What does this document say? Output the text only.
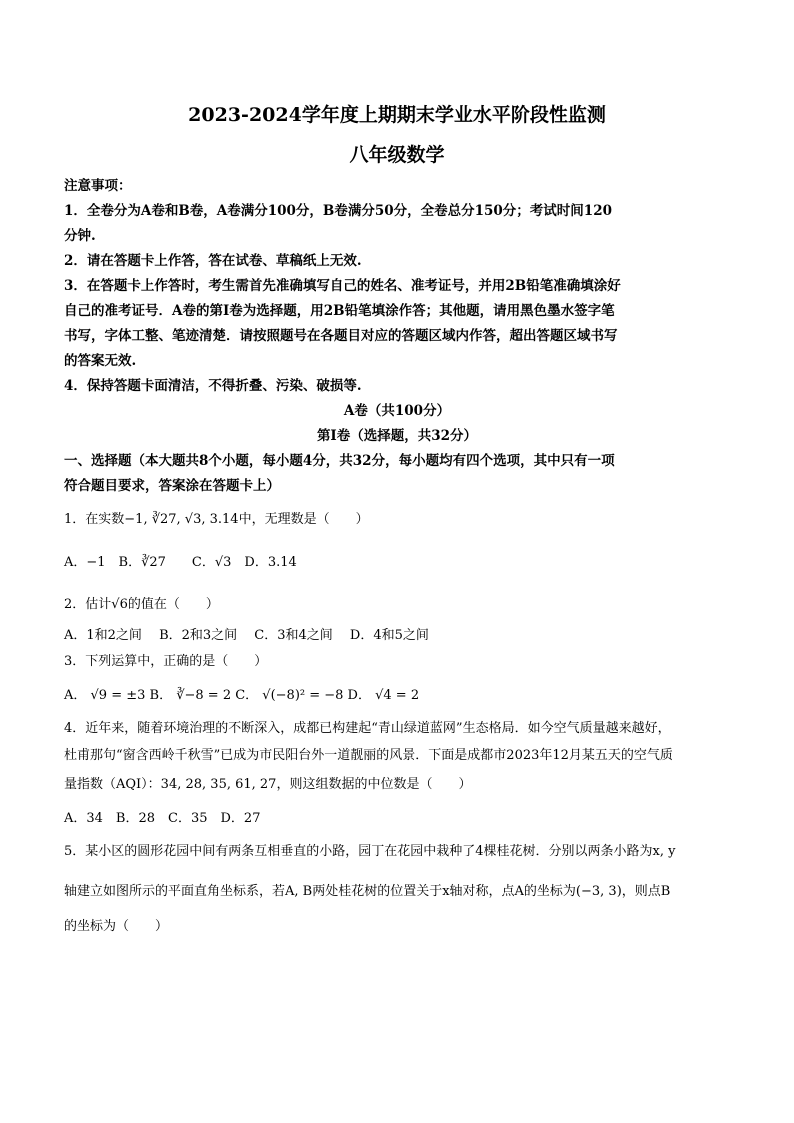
2023-2024学年度上期期末学业水平阶段性监测
八年级数学
注意事项：
1．全卷分为A卷和B卷，A卷满分100分，B卷满分50分，全卷总分150分；考试时间120
分钟.
2．请在答题卡上作答，答在试卷、草稿纸上无效.
3．在答题卡上作答时，考生需首先准确填写自己的姓名、准考证号，并用2B铅笔准确填涂好
自己的准考证号．A卷的第Ⅰ卷为选择题，用2B铅笔填涂作答；其他题，请用黑色墨水签字笔
书写，字体工整、笔迹清楚．请按照题号在各题目对应的答题区域内作答，超出答题区域书写
的答案无效.
4．保持答题卡面清洁，不得折叠、污染、破损等.
A卷（共100分）
第Ⅰ卷（选择题，共32分）
一、选择题（本大题共8个小题，每小题4分，共32分，每小题均有四个选项，其中只有一项
符合题目要求，答案涂在答题卡上）
1．在实数−1, ∛27, √3, 3.14中，无理数是（　　）
A．−1　B．∛27　　C．√3　D．3.14
2．估计√6的值在（　　）
A．1和2之间　 B．2和3之间　 C．3和4之间　 D．4和5之间
3．下列运算中，正确的是（　　）
A． √9 = ±3 B． ∛−8 = 2 C． √(−8)² = −8 D． √4 = 2
4．近年来，随着环境治理的不断深入，成都已构建起“青山绿道蓝网”生态格局．如今空气质量越来越好，
杜甫那句“窗含西岭千秋雪”已成为市民阳台外一道靓丽的风景．下面是成都市2023年12月某五天的空气质
量指数（AQI）：34, 28, 35, 61, 27，则这组数据的中位数是（　　）
A．34　B．28　C．35　D．27
5．某小区的圆形花园中间有两条互相垂直的小路，园丁在花园中栽种了4棵桂花树．分别以两条小路为x, y
轴建立如图所示的平面直角坐标系，若A, B两处桂花树的位置关于x轴对称，点A的坐标为(−3, 3)，则点B
的坐标为（　　）
